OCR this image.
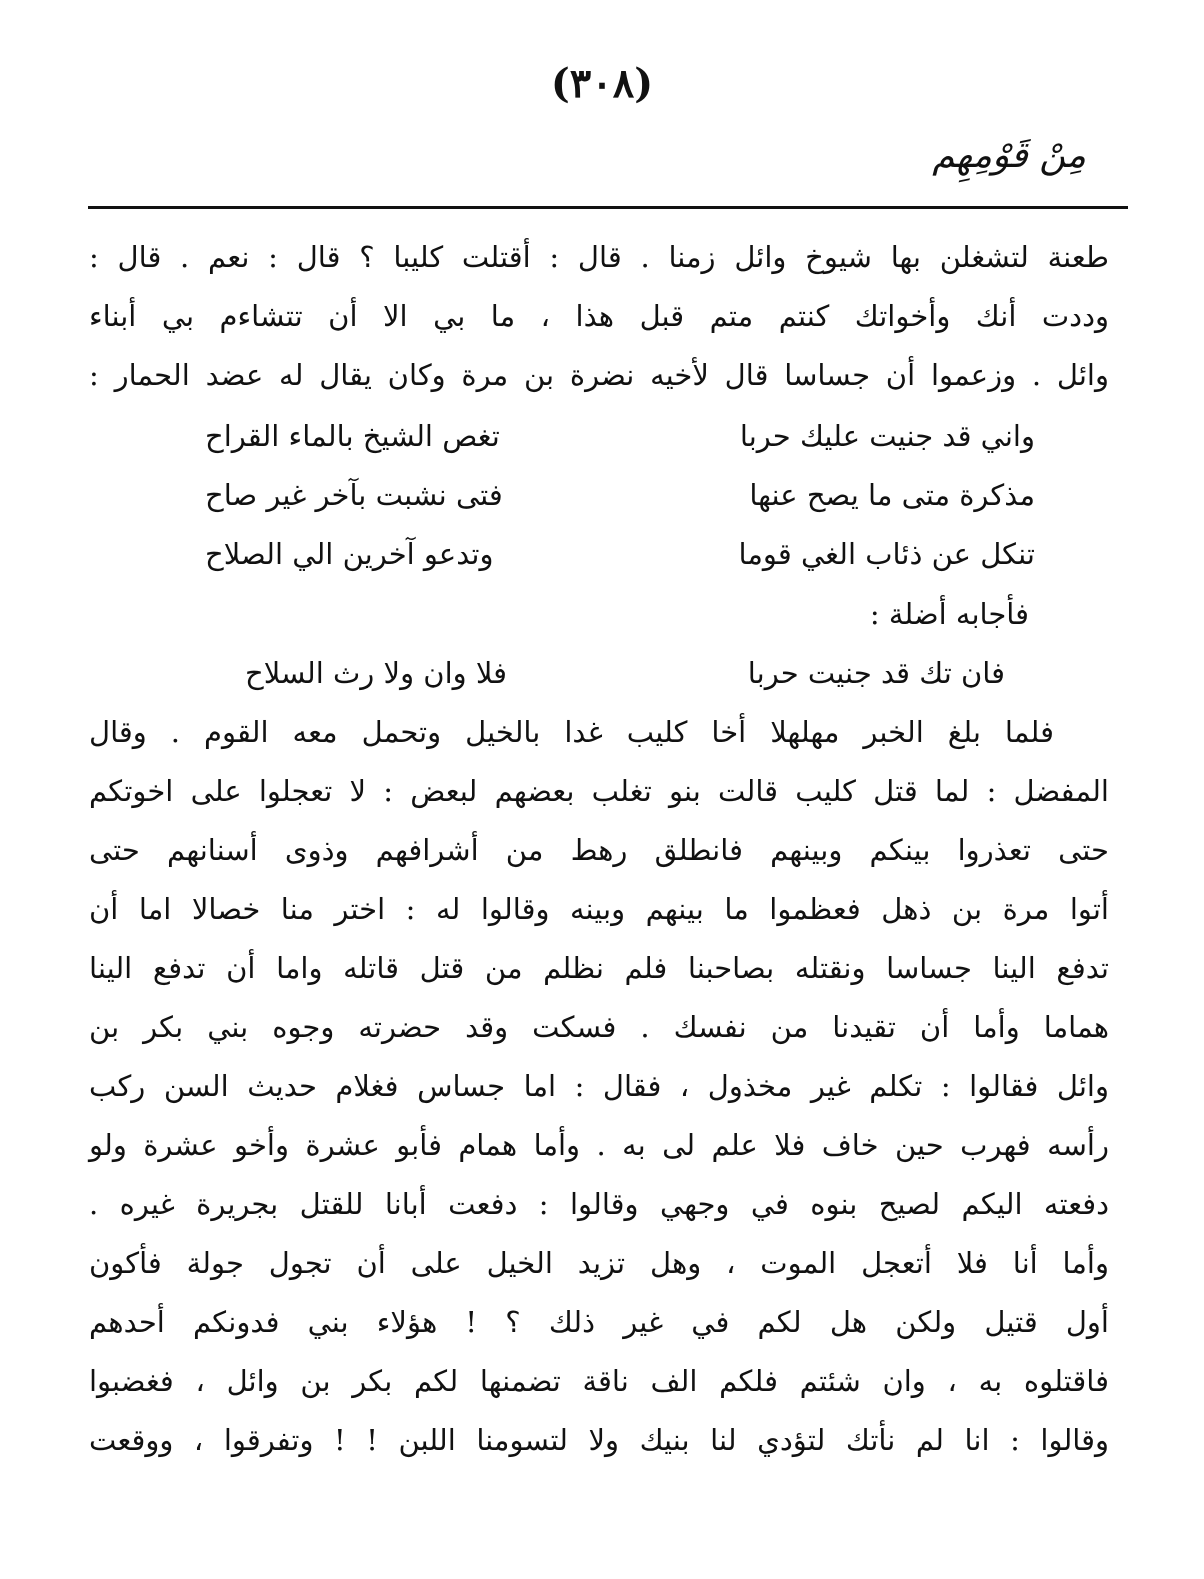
(٣٠٨)
مِنْ قَوْمِهِم
طعنة لتشغلن بها شيوخ وائل زمنا . قال : أقتلت كليبا ؟ قال : نعم . قال :
وددت أنك وأخواتك كنتم متم قبل هذا ، ما بي الا أن تتشاءم بي أبناء
وائل . وزعموا أن جساسا قال لأخيه نضرة بن مرة وكان يقال له عضد الحمار :
واني قد جنيت عليك حربا
تغص الشيخ بالماء القراح
مذكرة متى ما يصح عنها
فتى نشبت بآخر غير صاح
تنكل عن ذئاب الغي قوما
وتدعو آخرين الي الصلاح
فأجابه أضلة :
فان تك قد جنيت حربا
فلا وان ولا رث السلاح
فلما بلغ الخبر مهلهلا أخا كليب غدا بالخيل وتحمل معه القوم . وقال
المفضل : لما قتل كليب قالت بنو تغلب بعضهم لبعض : لا تعجلوا على اخوتكم
حتى تعذروا بينكم وبينهم فانطلق رهط من أشرافهم وذوى أسنانهم حتى
أتوا مرة بن ذهل فعظموا ما بينهم وبينه وقالوا له : اختر منا خصالا اما أن
تدفع الينا جساسا ونقتله بصاحبنا فلم نظلم من قتل قاتله واما أن تدفع الينا
هماما وأما أن تقيدنا من نفسك . فسكت وقد حضرته وجوه بني بكر بن
وائل فقالوا : تكلم غير مخذول ، فقال : اما جساس فغلام حديث السن ركب
رأسه فهرب حين خاف فلا علم لى به . وأما همام فأبو عشرة وأخو عشرة ولو
دفعته اليكم لصيح بنوه في وجهي وقالوا : دفعت أبانا للقتل بجريرة غيره .
وأما أنا فلا أتعجل الموت ، وهل تزيد الخيل على أن تجول جولة فأكون
أول قتيل ولكن هل لكم في غير ذلك ؟ ! هؤلاء بني فدونكم أحدهم
فاقتلوه به ، وان شئتم فلكم الف ناقة تضمنها لكم بكر بن وائل ، فغضبوا
وقالوا : انا لم نأتك لتؤدي لنا بنيك ولا لتسومنا اللبن ! ! وتفرقوا ، ووقعت
